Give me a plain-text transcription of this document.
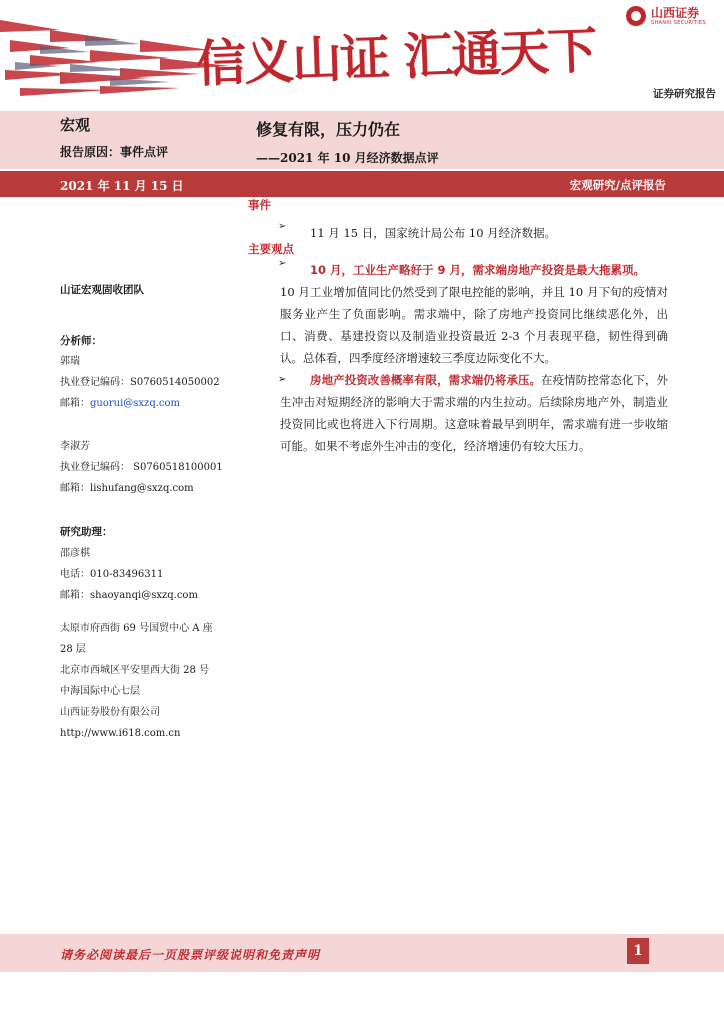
信义山证 汇通天下
山西证券
SHANXI SECURITIES
证券研究报告
宏观
报告原因：事件点评
修复有限，压力仍在
——2021 年 10 月经济数据点评
2021 年 11 月 15 日	宏观研究/点评报告
事件
➢	11 月 15 日，国家统计局公布 10 月经济数据。
主要观点
➢	10 月，工业生产略好于 9 月，需求端房地产投资是最大拖累项。
10 月工业增加值同比仍然受到了限电控能的影响，并且 10 月下旬的疫情对服务业产生了负面影响。需求端中，除了房地产投资同比继续恶化外，出口、消费、基建投资以及制造业投资最近 2-3 个月表现平稳，韧性得到确认。总体看，四季度经济增速较三季度边际变化不大。
➢ 房地产投资改善概率有限，需求端仍将承压。在疫情防控常态化下，外生冲击对短期经济的影响大于需求端的内生拉动。后续除房地产外，制造业投资同比或也将进入下行周期。这意味着最早到明年，需求端有进一步收缩可能。如果不考虑外生冲击的变化，经济增速仍有较大压力。
山证宏观固收团队
分析师：
郭瑞
执业登记编码：S0760514050002
邮箱：guorui@sxzq.com
李淑芳
执业登记编码： S0760518100001
邮箱：lishufang@sxzq.com
研究助理：
邵彦棋
电话：010-83496311
邮箱：shaoyanqi@sxzq.com
太原市府西街 69 号国贸中心 A 座
28 层
北京市西城区平安里西大街 28 号
中海国际中心七层
山西证券股份有限公司
http://www.i618.com.cn
请务必阅读最后一页股票评级说明和免责声明	1
